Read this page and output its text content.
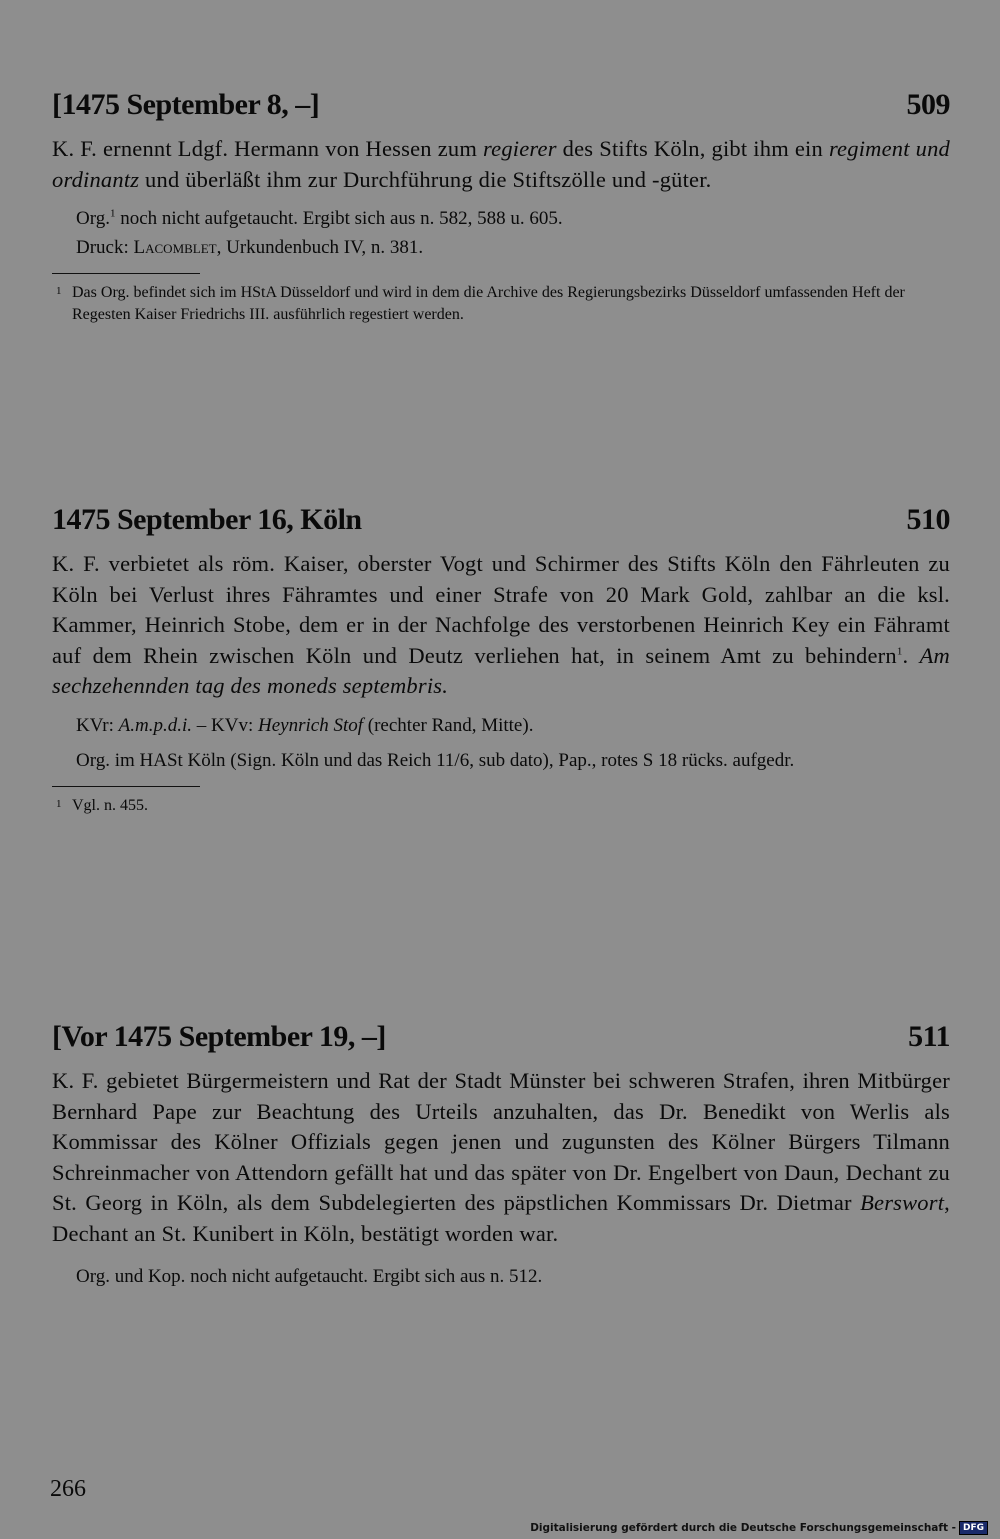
[1475 September 8, –]	509
K. F. ernennt Ldgf. Hermann von Hessen zum regierer des Stifts Köln, gibt ihm ein regiment und ordinantz und überläßt ihm zur Durchführung die Stiftszölle und -güter.
Org.$^1$ noch nicht aufgetaucht. Ergibt sich aus n. 582, 588 u. 605.
Druck: Lacomblet, Urkundenbuch IV, n. 381.
1 Das Org. befindet sich im HStA Düsseldorf und wird in dem die Archive des Regierungsbezirks Düsseldorf umfassenden Heft der Regesten Kaiser Friedrichs III. ausführlich regestiert werden.
1475 September 16, Köln	510
K. F. verbietet als röm. Kaiser, oberster Vogt und Schirmer des Stifts Köln den Fährleuten zu Köln bei Verlust ihres Fähramtes und einer Strafe von 20 Mark Gold, zahlbar an die ksl. Kammer, Heinrich Stobe, dem er in der Nachfolge des verstorbenen Heinrich Key ein Fähramt auf dem Rhein zwischen Köln und Deutz verliehen hat, in seinem Amt zu behindern$^1$. Am sechzehennden tag des moneds septembris.
KVr: A.m.p.d.i. – KVv: Heynrich Stof (rechter Rand, Mitte).
Org. im HASt Köln (Sign. Köln und das Reich 11/6, sub dato), Pap., rotes S 18 rücks. aufgedr.
1 Vgl. n. 455.
[Vor 1475 September 19, –]	511
K. F. gebietet Bürgermeistern und Rat der Stadt Münster bei schweren Strafen, ihren Mitbürger Bernhard Pape zur Beachtung des Urteils anzuhalten, das Dr. Benedikt von Werlis als Kommissar des Kölner Offizials gegen jenen und zugunsten des Kölner Bürgers Tilmann Schreinmacher von Attendorn gefällt hat und das später von Dr. Engelbert von Daun, Dechant zu St. Georg in Köln, als dem Subdelegierten des päpstlichen Kommissars Dr. Dietmar Berswort, Dechant an St. Kunibert in Köln, bestätigt worden war.
Org. und Kop. noch nicht aufgetaucht. Ergibt sich aus n. 512.
266
Digitalisierung gefördert durch die Deutsche Forschungsgemeinschaft - DFG
